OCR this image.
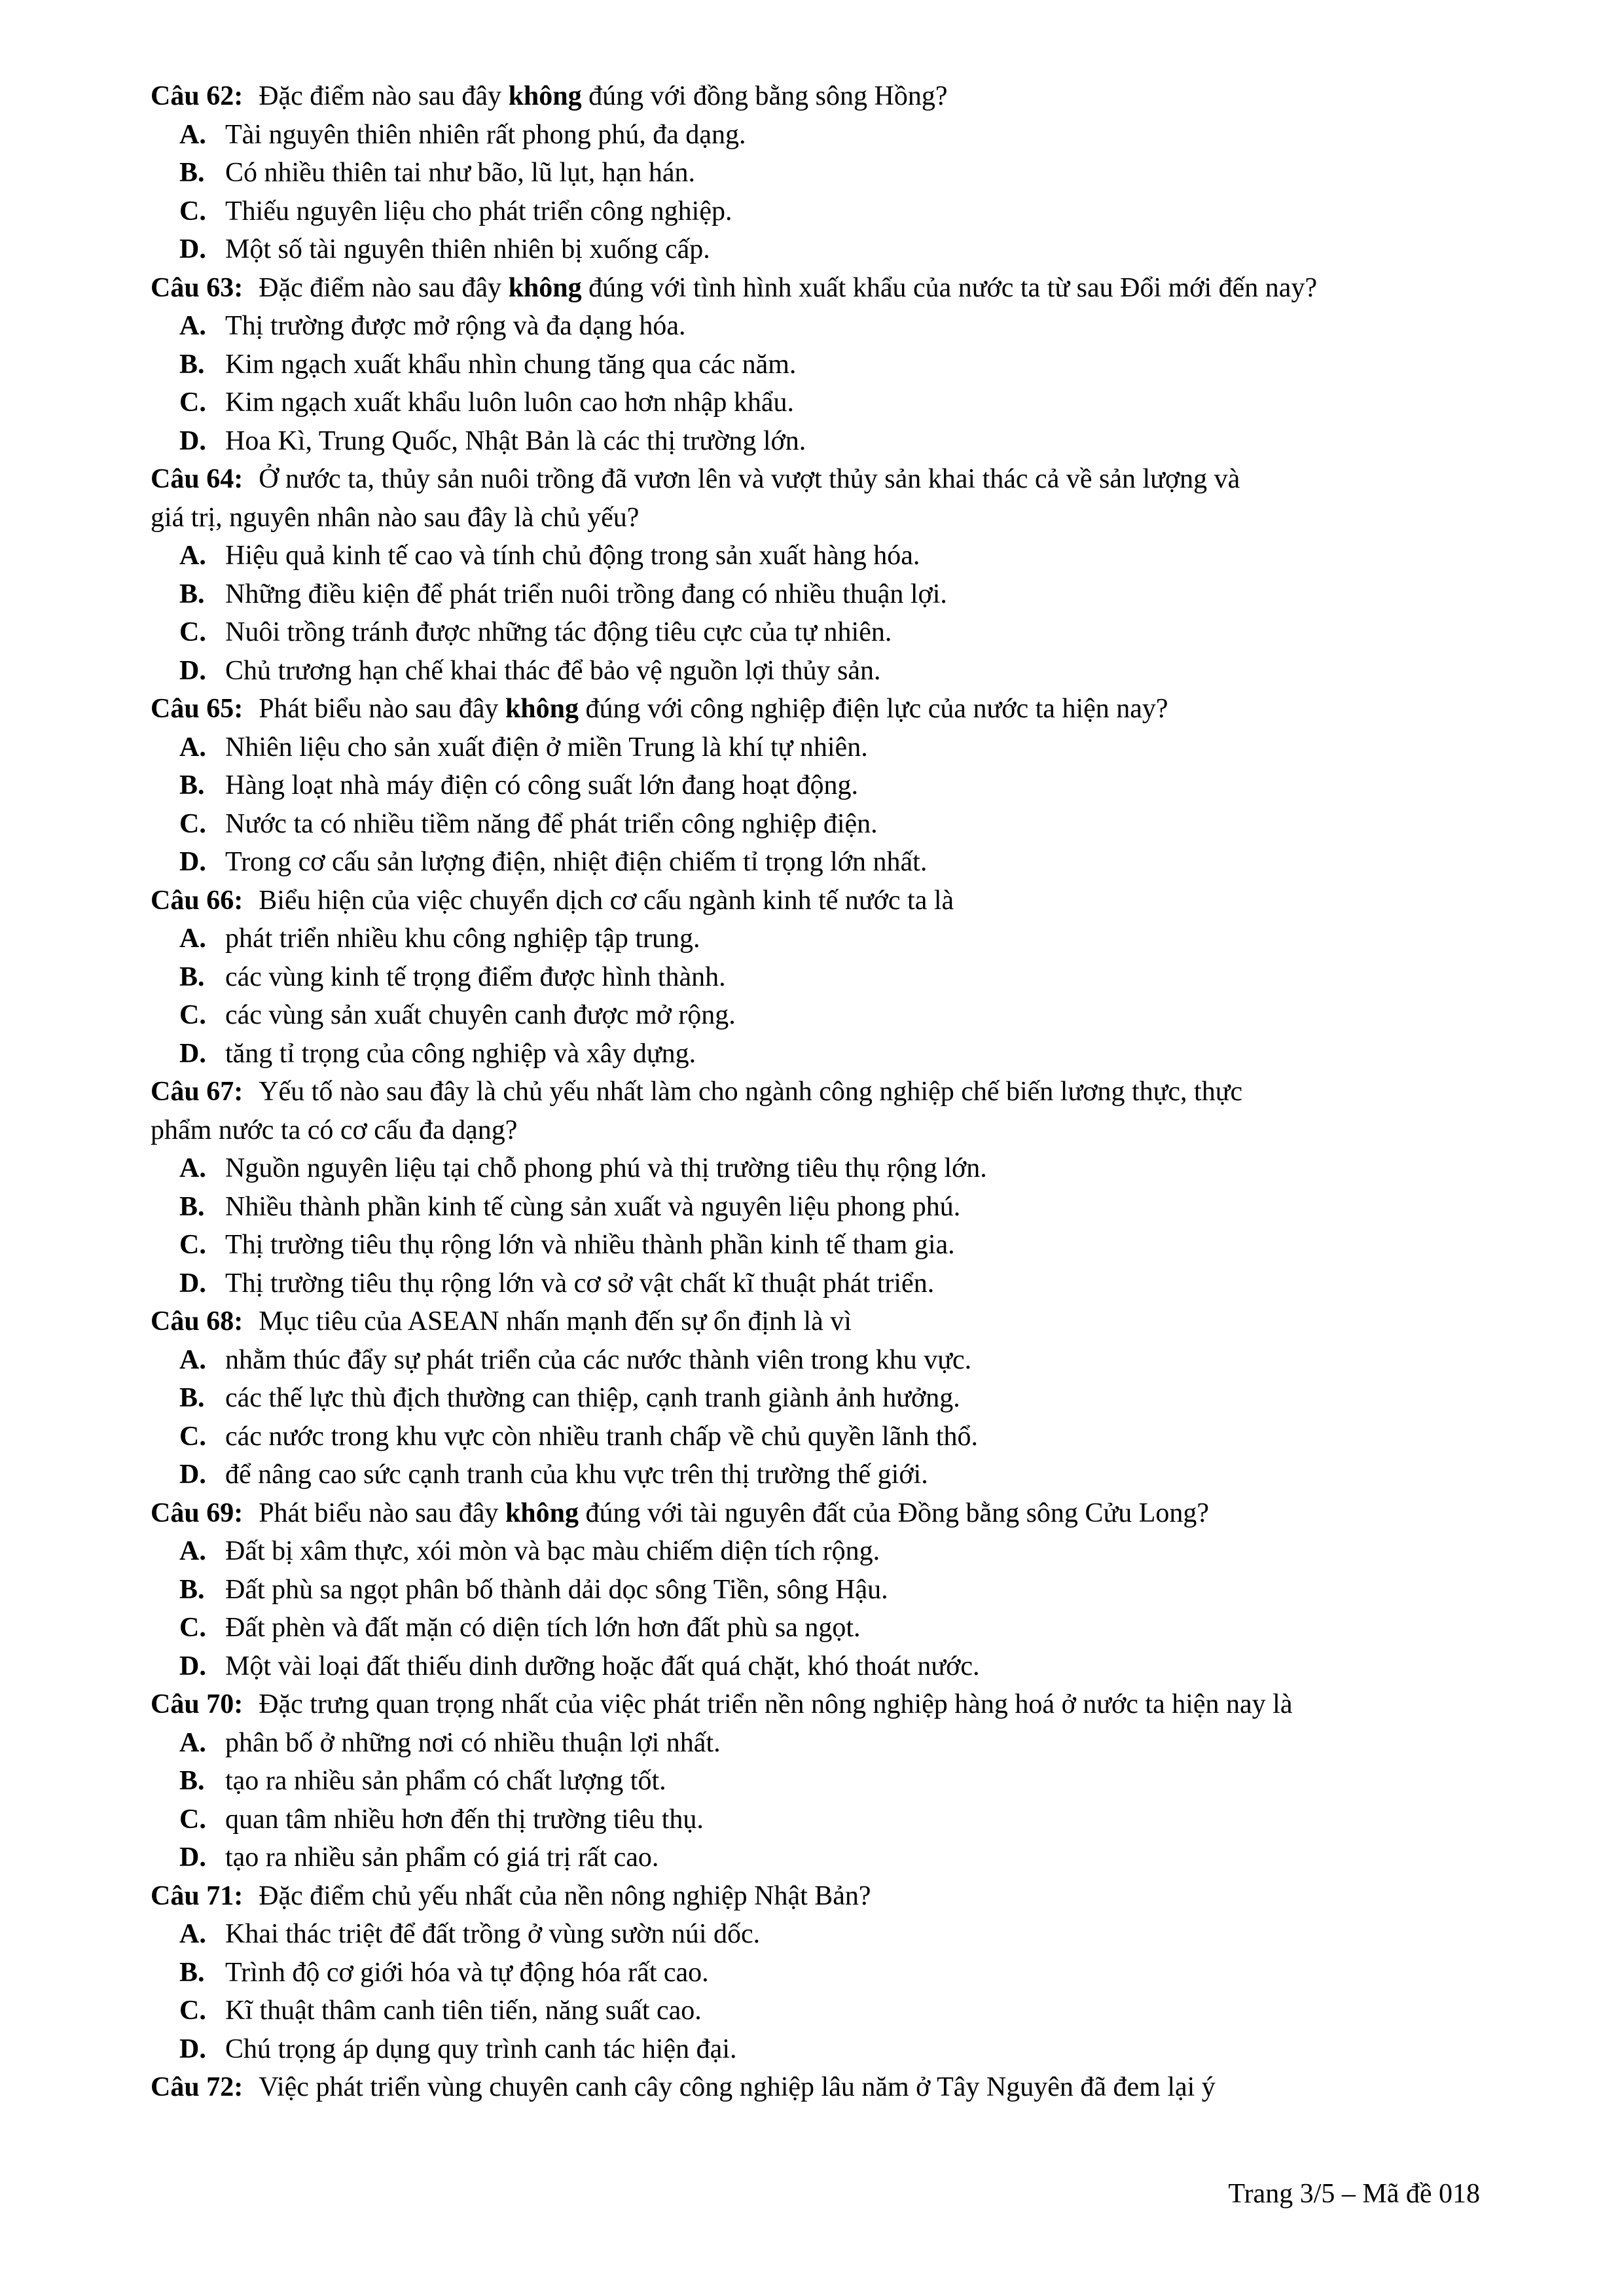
Câu 62: Đặc điểm nào sau đây không đúng với đồng bằng sông Hồng?
A. Tài nguyên thiên nhiên rất phong phú, đa dạng.
B. Có nhiều thiên tai như bão, lũ lụt, hạn hán.
C. Thiếu nguyên liệu cho phát triển công nghiệp.
D. Một số tài nguyên thiên nhiên bị xuống cấp.
Câu 63: Đặc điểm nào sau đây không đúng với tình hình xuất khẩu của nước ta từ sau Đổi mới đến nay?
A. Thị trường được mở rộng và đa dạng hóa.
B. Kim ngạch xuất khẩu nhìn chung tăng qua các năm.
C. Kim ngạch xuất khẩu luôn luôn cao hơn nhập khẩu.
D. Hoa Kì, Trung Quốc, Nhật Bản là các thị trường lớn.
Câu 64: Ở nước ta, thủy sản nuôi trồng đã vươn lên và vượt thủy sản khai thác cả về sản lượng và
giá trị, nguyên nhân nào sau đây là chủ yếu?
A. Hiệu quả kinh tế cao và tính chủ động trong sản xuất hàng hóa.
B. Những điều kiện để phát triển nuôi trồng đang có nhiều thuận lợi.
C. Nuôi trồng tránh được những tác động tiêu cực của tự nhiên.
D. Chủ trương hạn chế khai thác để bảo vệ nguồn lợi thủy sản.
Câu 65: Phát biểu nào sau đây không đúng với công nghiệp điện lực của nước ta hiện nay?
A. Nhiên liệu cho sản xuất điện ở miền Trung là khí tự nhiên.
B. Hàng loạt nhà máy điện có công suất lớn đang hoạt động.
C. Nước ta có nhiều tiềm năng để phát triển công nghiệp điện.
D. Trong cơ cấu sản lượng điện, nhiệt điện chiếm tỉ trọng lớn nhất.
Câu 66: Biểu hiện của việc chuyển dịch cơ cấu ngành kinh tế nước ta là
A. phát triển nhiều khu công nghiệp tập trung.
B. các vùng kinh tế trọng điểm được hình thành.
C. các vùng sản xuất chuyên canh được mở rộng.
D. tăng tỉ trọng của công nghiệp và xây dựng.
Câu 67: Yếu tố nào sau đây là chủ yếu nhất làm cho ngành công nghiệp chế biến lương thực, thực
phẩm nước ta có cơ cấu đa dạng?
A. Nguồn nguyên liệu tại chỗ phong phú và thị trường tiêu thụ rộng lớn.
B. Nhiều thành phần kinh tế cùng sản xuất và nguyên liệu phong phú.
C. Thị trường tiêu thụ rộng lớn và nhiều thành phần kinh tế tham gia.
D. Thị trường tiêu thụ rộng lớn và cơ sở vật chất kĩ thuật phát triển.
Câu 68: Mục tiêu của ASEAN nhấn mạnh đến sự ổn định là vì
A. nhằm thúc đẩy sự phát triển của các nước thành viên trong khu vực.
B. các thế lực thù địch thường can thiệp, cạnh tranh giành ảnh hưởng.
C. các nước trong khu vực còn nhiều tranh chấp về chủ quyền lãnh thổ.
D. để nâng cao sức cạnh tranh của khu vực trên thị trường thế giới.
Câu 69: Phát biểu nào sau đây không đúng với tài nguyên đất của Đồng bằng sông Cửu Long?
A. Đất bị xâm thực, xói mòn và bạc màu chiếm diện tích rộng.
B. Đất phù sa ngọt phân bố thành dải dọc sông Tiền, sông Hậu.
C. Đất phèn và đất mặn có diện tích lớn hơn đất phù sa ngọt.
D. Một vài loại đất thiếu dinh dưỡng hoặc đất quá chặt, khó thoát nước.
Câu 70: Đặc trưng quan trọng nhất của việc phát triển nền nông nghiệp hàng hoá ở nước ta hiện nay là
A. phân bố ở những nơi có nhiều thuận lợi nhất.
B. tạo ra nhiều sản phẩm có chất lượng tốt.
C. quan tâm nhiều hơn đến thị trường tiêu thụ.
D. tạo ra nhiều sản phẩm có giá trị rất cao.
Câu 71: Đặc điểm chủ yếu nhất của nền nông nghiệp Nhật Bản?
A. Khai thác triệt để đất trồng ở vùng sườn núi dốc.
B. Trình độ cơ giới hóa và tự động hóa rất cao.
C. Kĩ thuật thâm canh tiên tiến, năng suất cao.
D. Chú trọng áp dụng quy trình canh tác hiện đại.
Câu 72: Việc phát triển vùng chuyên canh cây công nghiệp lâu năm ở Tây Nguyên đã đem lại ý
Trang 3/5 – Mã đề 018
